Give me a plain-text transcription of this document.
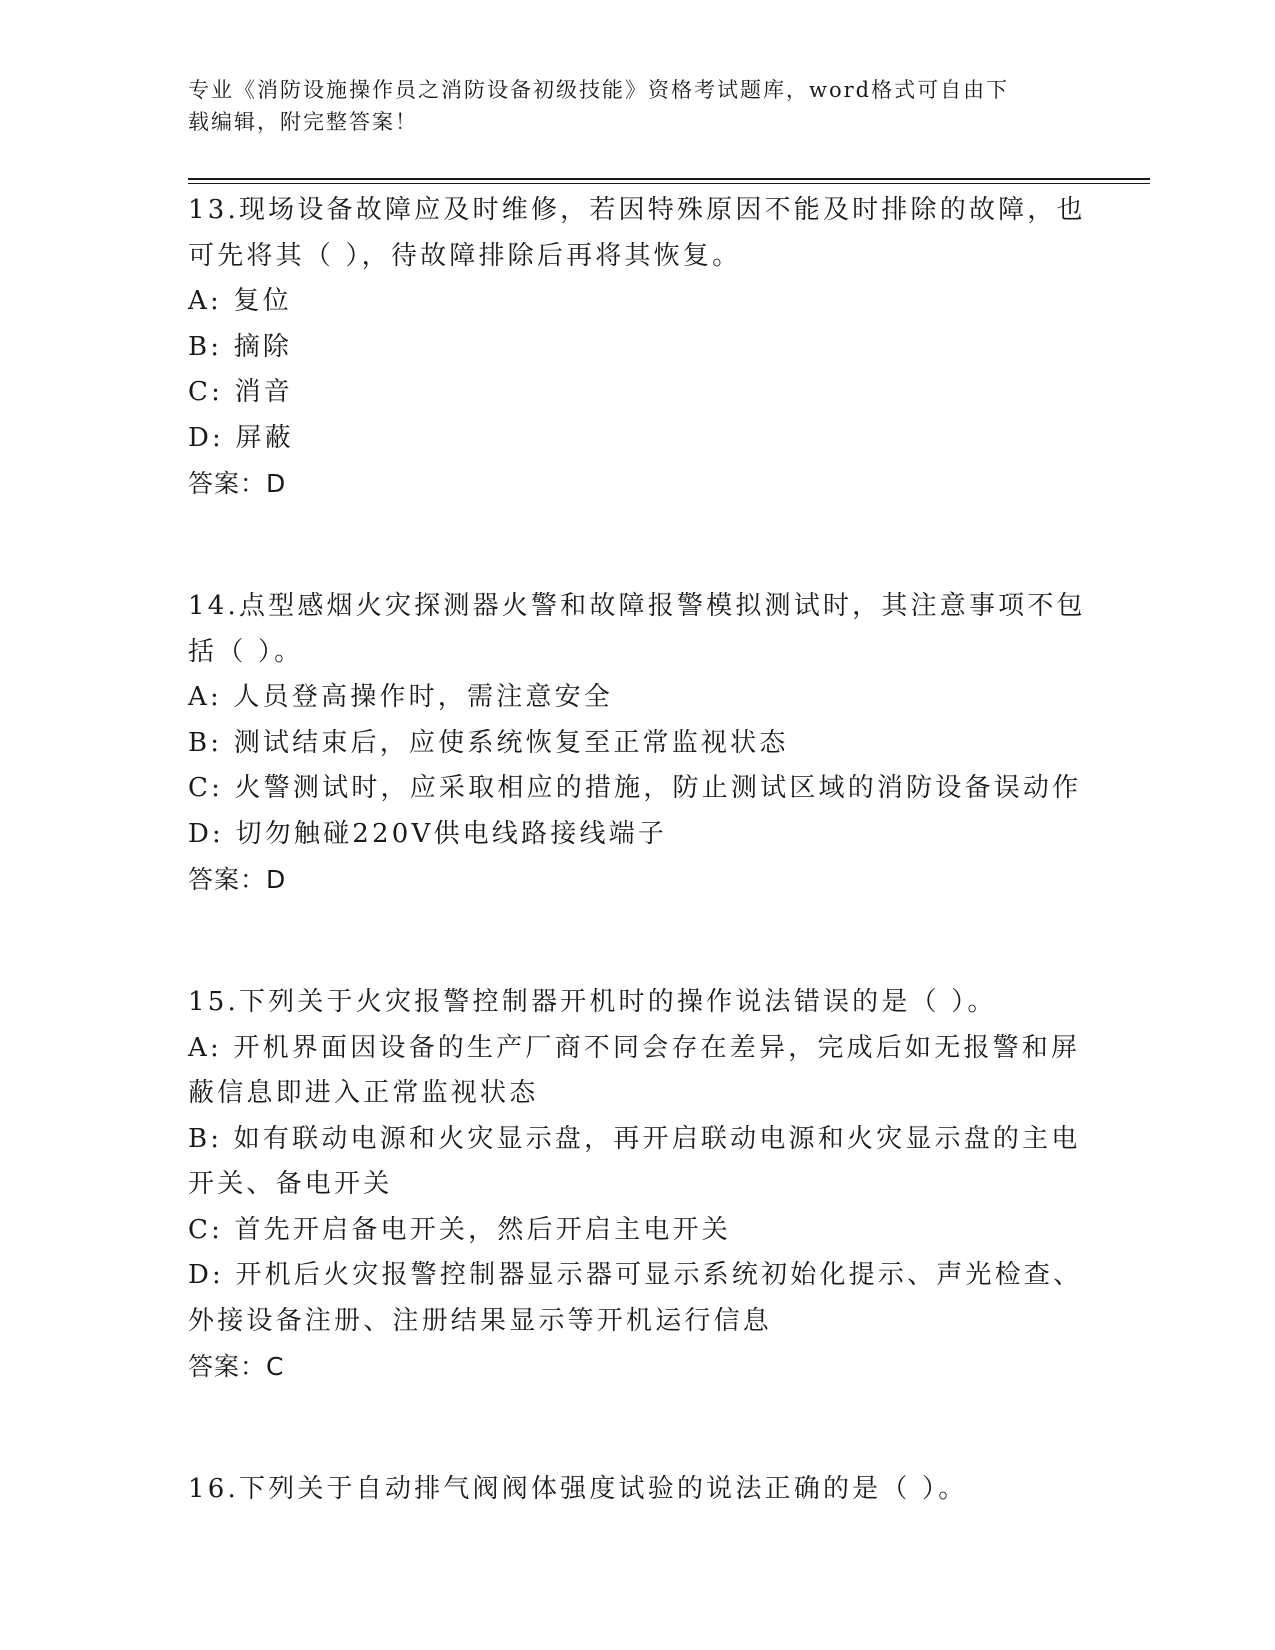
专业《消防设施操作员之消防设备初级技能》资格考试题库，word格式可自由下
载编辑，附完整答案！
13.现场设备故障应及时维修，若因特殊原因不能及时排除的故障，也
可先将其（ ），待故障排除后再将其恢复。
A: 复位
B: 摘除
C: 消音
D: 屏蔽
答案：D
14.点型感烟火灾探测器火警和故障报警模拟测试时，其注意事项不包
括（ ）。
A: 人员登高操作时，需注意安全
B: 测试结束后，应使系统恢复至正常监视状态
C: 火警测试时，应采取相应的措施，防止测试区域的消防设备误动作
D: 切勿触碰220V供电线路接线端子
答案：D
15.下列关于火灾报警控制器开机时的操作说法错误的是（ ）。
A: 开机界面因设备的生产厂商不同会存在差异，完成后如无报警和屏
蔽信息即进入正常监视状态
B: 如有联动电源和火灾显示盘，再开启联动电源和火灾显示盘的主电
开关、备电开关
C: 首先开启备电开关，然后开启主电开关
D: 开机后火灾报警控制器显示器可显示系统初始化提示、声光检查、
外接设备注册、注册结果显示等开机运行信息
答案：C
16.下列关于自动排气阀阀体强度试验的说法正确的是（ ）。
